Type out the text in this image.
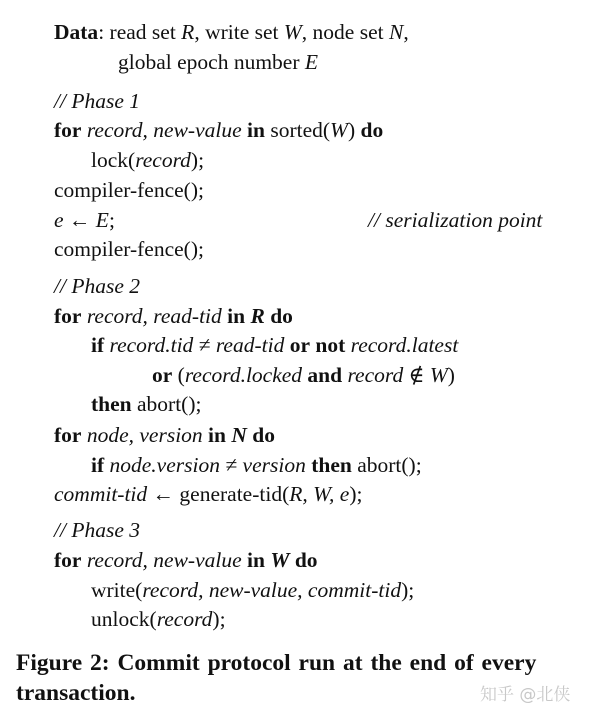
Data: read set R, write set W, node set N,
global epoch number E
// Phase 1
for record, new-value in sorted(W) do
lock(record);
compiler-fence();
e ← E;	// serialization point
compiler-fence();
// Phase 2
for record, read-tid in R do
if record.tid ≠ read-tid or not record.latest
or (record.locked and record ∉ W)
then abort();
for node, version in N do
if node.version ≠ version then abort();
commit-tid ← generate-tid(R, W, e);
// Phase 3
for record, new-value in W do
write(record, new-value, commit-tid);
unlock(record);
Figure 2: Commit protocol run at the end of every transaction.	知乎 @北侠
